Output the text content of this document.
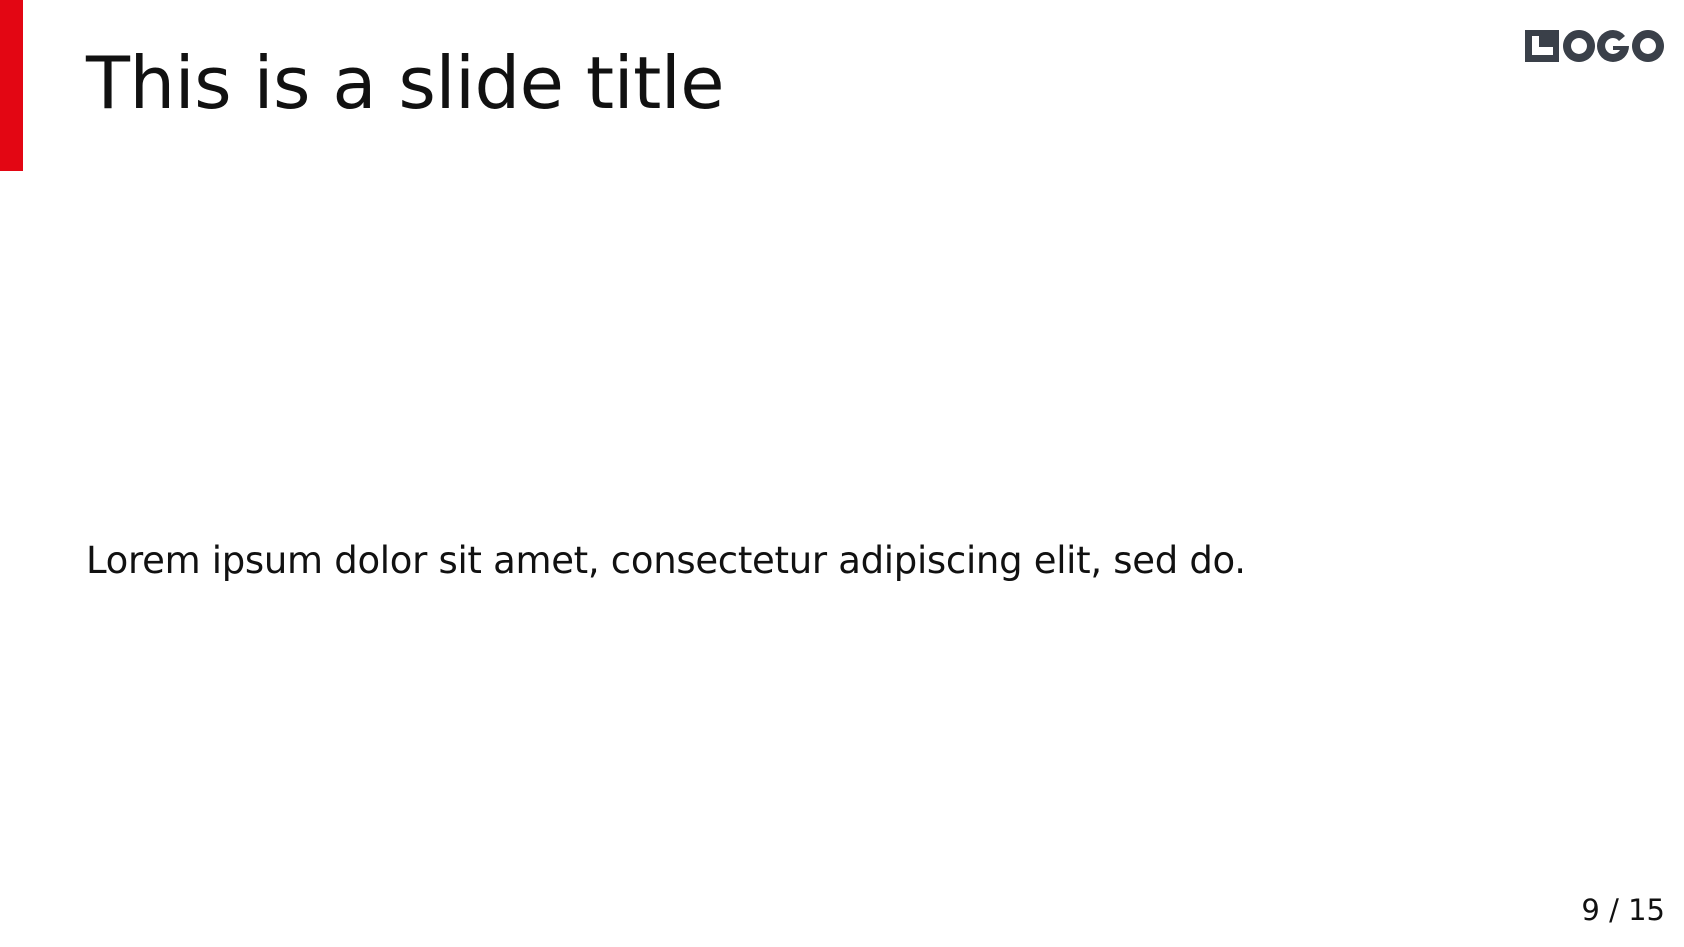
This is a slide title

Lorem ipsum dolor sit amet, consectetur adipiscing elit, sed do.

9 / 15
